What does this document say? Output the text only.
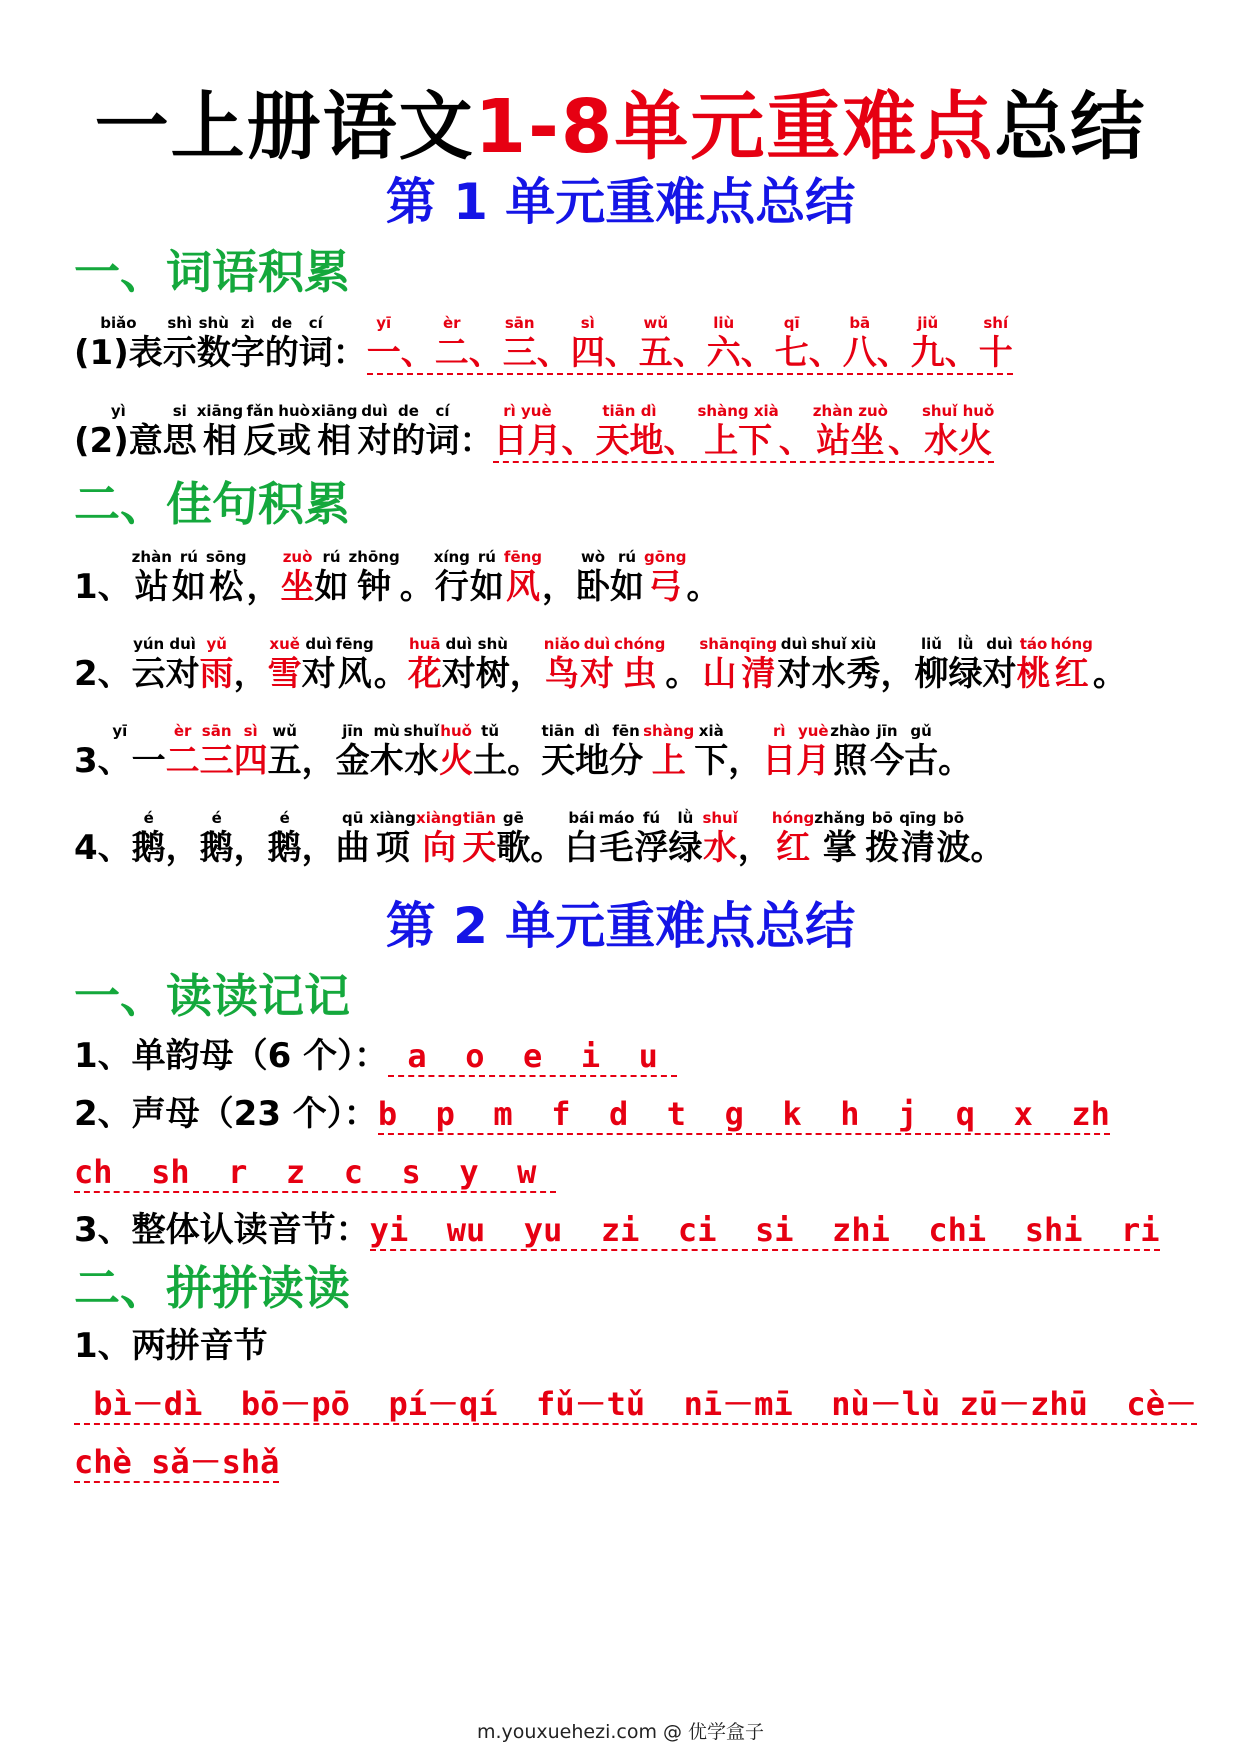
一上册语文1-8单元重难点总结
第 1 单元重难点总结
一、词语积累
biǎo
(1)表
shì
示
shù
数
zì
字
de
的
cí
词
：
yī
一
、
èr
二
、
sān
三
、
sì
四
、
wǔ
五
、
liù
六
、
qī
七
、
bā
八
、
jiǔ
九
、
shí
十
yì
(2)意
si
思
xiāng
相
fǎn
反
huò
或
xiāng
相
duì
对
de
的
cí
词
：
rì yuè
日月
、
tiān dì
天地
、
shàng xià
上下
、
zhàn zuò
站坐
、
shuǐ huǒ
水火
二、佳句积累

1、
zhàn
站
rú
如
sōng
松
，
zuò
坐
rú
如
zhōng
钟
。
xíng
行
rú
如
fēng
风
，
wò
卧
rú
如
gōng
弓
。

2、
yún
云
duì
对
yǔ
雨
，
xuě
雪
duì
对
fēng
风
。
huā
花
duì
对
shù
树
，
niǎo
鸟
duì
对
chóng
虫
。
shān
山
qīng
清
duì
对
shuǐ
水
xiù
秀
，
liǔ
柳
lǜ
绿
duì
对
táo
桃
hóng
红
。
yī
3、一
èr
二
sān
三
sì
四
wǔ
五
，
jīn
金
mù
木
shuǐ
水
huǒ
火
tǔ
土
。
tiān
天
dì
地
fēn
分
shàng
上
xià
下
，
rì
日
yuè
月
zhào
照
jīn
今
gǔ
古
。

4、
é
鹅
，
é
鹅
，
é
鹅
，
qū
曲
xiàng
项
xiàng
向
tiān
天
gē
歌
。
bái
白
máo
毛
fú
浮
lǜ
绿
shuǐ
水
，
hóng
红
zhǎng
掌
bō
拨
qīng
清
bō
波
。
第 2 单元重难点总结
一、读读记记
1、单韵母（6 个）： a  o  e  i  u
2、声母（23 个）：b  p  m  f  d  t  g  k  h  j  q  x  zh
ch  sh  r  z  c  s  y  w
3、整体认读音节：yi  wu  yu  zi  ci  si  zhi  chi  shi  ri
二、拼拼读读
1、两拼音节
bì－dì  bō－pō  pí－qí  fǔ－tǔ  nī－mī  nù－lù zū－zhū  cè－
chè sǎ－shǎ
m.youxuehezi.com @ 优学盒子
